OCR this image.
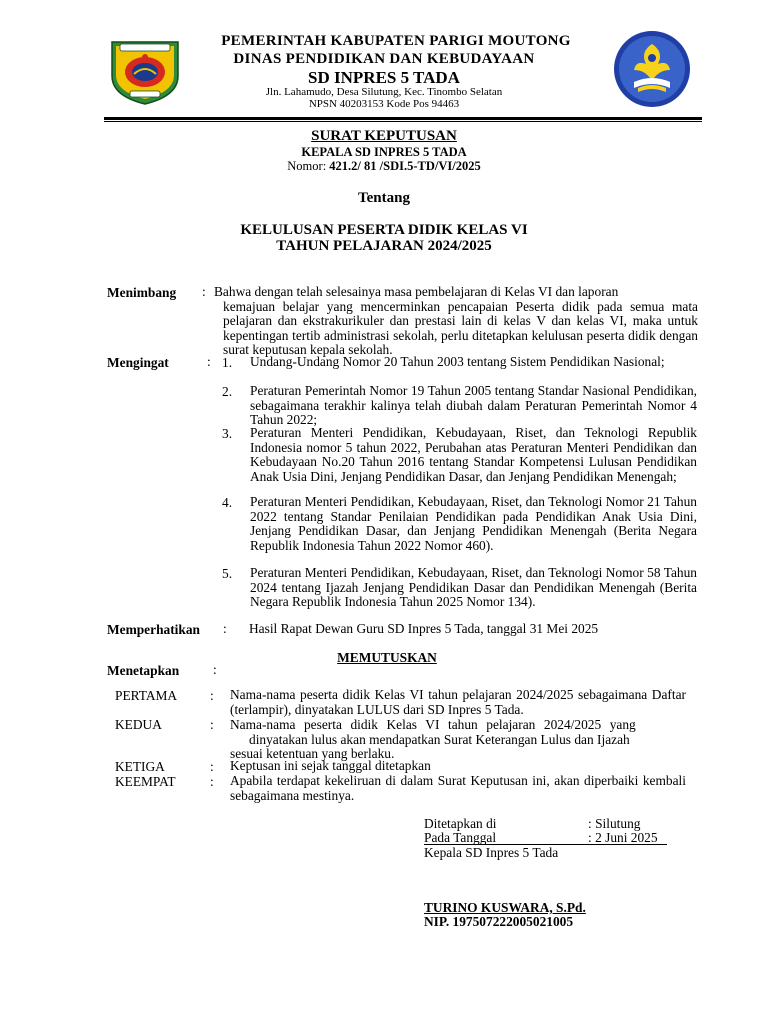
PEMERINTAH KABUPATEN PARIGI MOUTONG
DINAS PENDIDIKAN DAN KEBUDAYAAN
SD INPRES 5 TADA
Jln. Lahamudo, Desa Silutung, Kec. Tinombo Selatan
NPSN 40203153 Kode Pos 94463
SURAT KEPUTUSAN
KEPALA SD INPRES 5 TADA
Nomor: 421.2/ 81 /SDI.5-TD/VI/2025
Tentang
KELULUSAN PESERTA DIDIK KELAS VI
TAHUN PELAJARAN 2024/2025
Menimbang : Bahwa dengan telah selesainya masa pembelajaran di Kelas VI dan laporan
kemajuan belajar yang mencerminkan pencapaian Peserta didik pada semua mata pelajaran dan ekstrakurikuler dan prestasi lain di kelas V dan kelas VI, maka untuk kepentingan tertib administrasi sekolah, perlu ditetapkan kelulusan peserta didik dengan surat keputusan kepala sekolah.
Mengingat	: 1.	Undang-Undang Nomor 20 Tahun 2003 tentang Sistem Pendidikan Nasional;
2.	Peraturan Pemerintah Nomor 19 Tahun 2005 tentang Standar Nasional Pendidikan, sebagaimana terakhir kalinya telah diubah dalam Peraturan Pemerintah Nomor 4 Tahun 2022;
3.	Peraturan Menteri Pendidikan, Kebudayaan, Riset, dan Teknologi Republik Indonesia nomor 5 tahun 2022, Perubahan atas Peraturan Menteri Pendidikan dan Kebudayaan No.20 Tahun 2016 tentang Standar Kompetensi Lulusan Pendidikan Anak Usia Dini, Jenjang Pendidikan Dasar, dan Jenjang Pendidikan Menengah;
4.	Peraturan Menteri Pendidikan, Kebudayaan, Riset, dan Teknologi Nomor 21 Tahun 2022 tentang Standar Penilaian Pendidikan pada Pendidikan Anak Usia Dini, Jenjang Pendidikan Dasar, dan Jenjang Pendidikan Menengah (Berita Negara Republik Indonesia Tahun 2022 Nomor 460).
5.	Peraturan Menteri Pendidikan, Kebudayaan, Riset, dan Teknologi Nomor 58 Tahun 2024 tentang Ijazah Jenjang Pendidikan Dasar dan Pendidikan Menengah (Berita Negara Republik Indonesia Tahun 2025 Nomor 134).
Memperhatikan : Hasil Rapat Dewan Guru SD Inpres 5 Tada, tanggal 31 Mei 2025
MEMUTUSKAN
Menetapkan	:
PERTAMA : Nama-nama peserta didik Kelas VI tahun pelajaran 2024/2025 sebagaimana Daftar (terlampir), dinyatakan LULUS dari SD Inpres 5 Tada.
KEDUA	: Nama-nama peserta didik Kelas VI tahun pelajaran 2024/2025 yang
dinyatakan lulus akan mendapatkan Surat Keterangan Lulus dan Ijazah
sesuai ketentuan yang berlaku.
KETIGA	: Keptusan ini sejak tanggal ditetapkan
KEEMPAT	: Apabila terdapat kekeliruan di dalam Surat Keputusan ini, akan diperbaiki kembali sebagaimana mestinya.
Ditetapkan di	: Silutung
Pada Tanggal	: 2 Juni 2025
Kepala SD Inpres 5 Tada
TURINO KUSWARA, S.Pd.
NIP. 197507222005021005
